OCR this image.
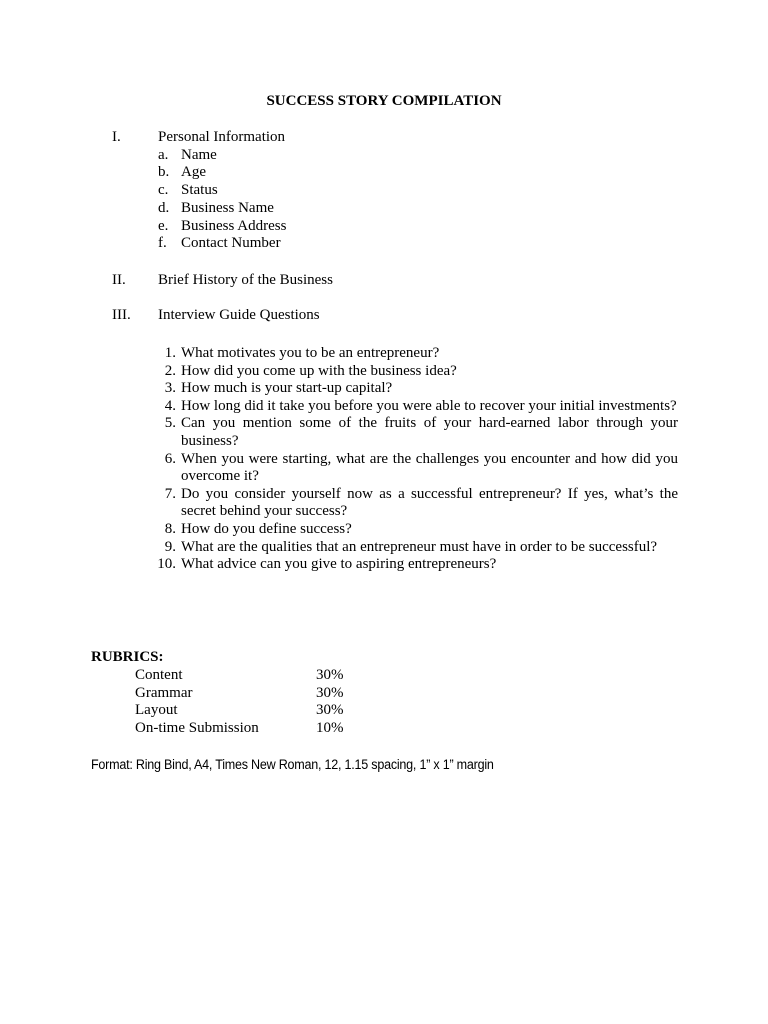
SUCCESS STORY COMPILATION
I. Personal Information
a. Name
b. Age
c. Status
d. Business Name
e. Business Address
f. Contact Number
II. Brief History of the Business
III. Interview Guide Questions
1. What motivates you to be an entrepreneur?
2. How did you come up with the business idea?
3. How much is your start-up capital?
4. How long did it take you before you were able to recover your initial investments?
5. Can you mention some of the fruits of your hard-earned labor through your business?
6. When you were starting, what are the challenges you encounter and how did you overcome it?
7. Do you consider yourself now as a successful entrepreneur? If yes, what’s the secret behind your success?
8. How do you define success?
9. What are the qualities that an entrepreneur must have in order to be successful?
10. What advice can you give to aspiring entrepreneurs?
RUBRICS:
Content	30%
Grammar	30%
Layout	30%
On-time Submission	10%
Format: Ring Bind, A4, Times New Roman, 12, 1.15 spacing, 1” x 1” margin
